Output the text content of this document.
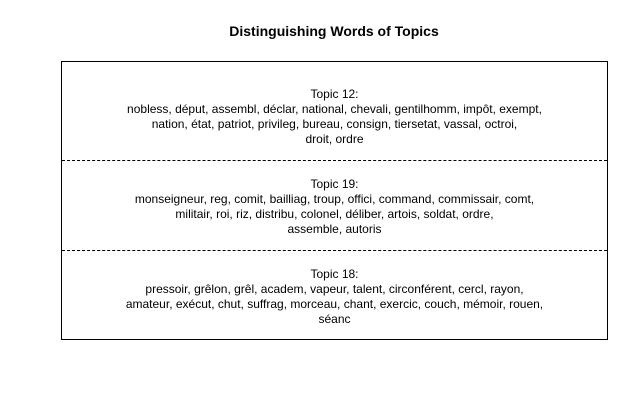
Distinguishing Words of Topics
Topic 12:
nobless, déput, assembl, déclar, national, chevali, gentilhomm, impôt, exempt,
nation, état, patriot, privileg, bureau, consign, tiersetat, vassal, octroi,
droit, ordre
Topic 19:
monseigneur, reg, comit, bailliag, troup, offici, command, commissair, comt,
militair, roi, riz, distribu, colonel, déliber, artois, soldat, ordre,
assemble, autoris
Topic 18:
pressoir, grêlon, grêl, academ, vapeur, talent, circonférent, cercl, rayon,
amateur, exécut, chut, suffrag, morceau, chant, exercic, couch, mémoir, rouen,
séanc
